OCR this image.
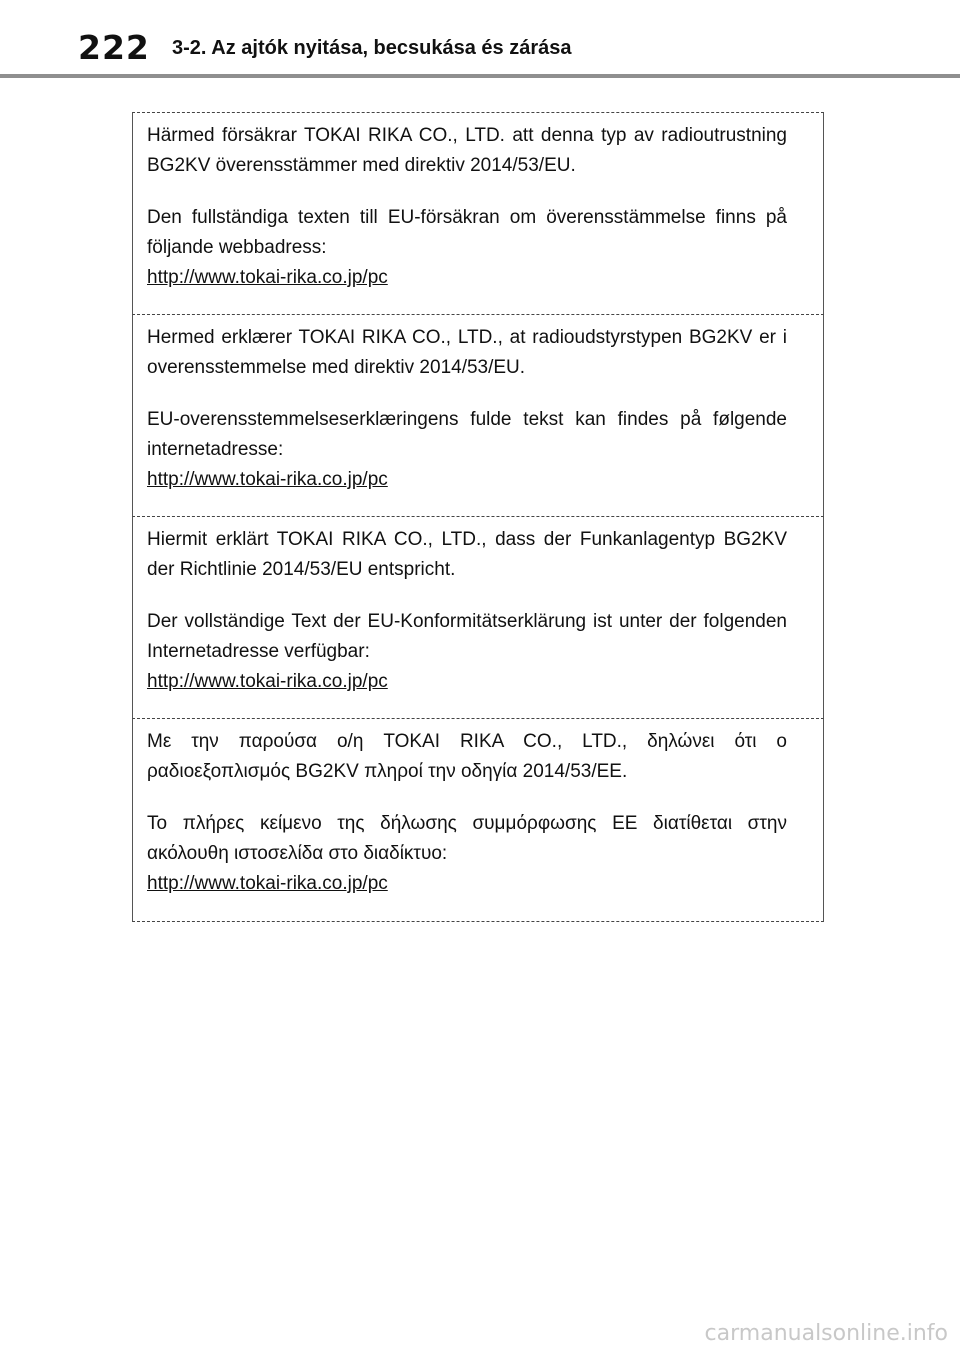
222 3-2. Az ajtók nyitása, becsukása és zárása

Härmed försäkrar TOKAI RIKA CO., LTD. att denna typ av radioutrustning BG2KV överensstämmer med direktiv 2014/53/EU.

Den fullständiga texten till EU-försäkran om överensstämmelse finns på följande webbadress:

http://www.tokai-rika.co.jp/pc

Hermed erklærer TOKAI RIKA CO., LTD., at radioudstyrstypen BG2KV er i overensstemmelse med direktiv 2014/53/EU.

EU-overensstemmelseserklæringens fulde tekst kan findes på følgende internetadresse:

http://www.tokai-rika.co.jp/pc

Hiermit erklärt TOKAI RIKA CO., LTD., dass der Funkanlagentyp BG2KV der Richtlinie 2014/53/EU entspricht.

Der vollständige Text der EU-Konformitätserklärung ist unter der folgenden Internetadresse verfügbar:

http://www.tokai-rika.co.jp/pc

Με την παρούσα ο/η TOKAI RIKA CO., LTD., δηλώνει ότι ο ραδιοεξοπλισμός BG2KV πληροί την οδηγία 2014/53/ΕΕ.

Το πλήρες κείμενο της δήλωσης συμμόρφωσης ΕΕ διατίθεται στην ακόλουθη ιστοσελίδα στο διαδίκτυο:

http://www.tokai-rika.co.jp/pc
carmanualsonline.info
